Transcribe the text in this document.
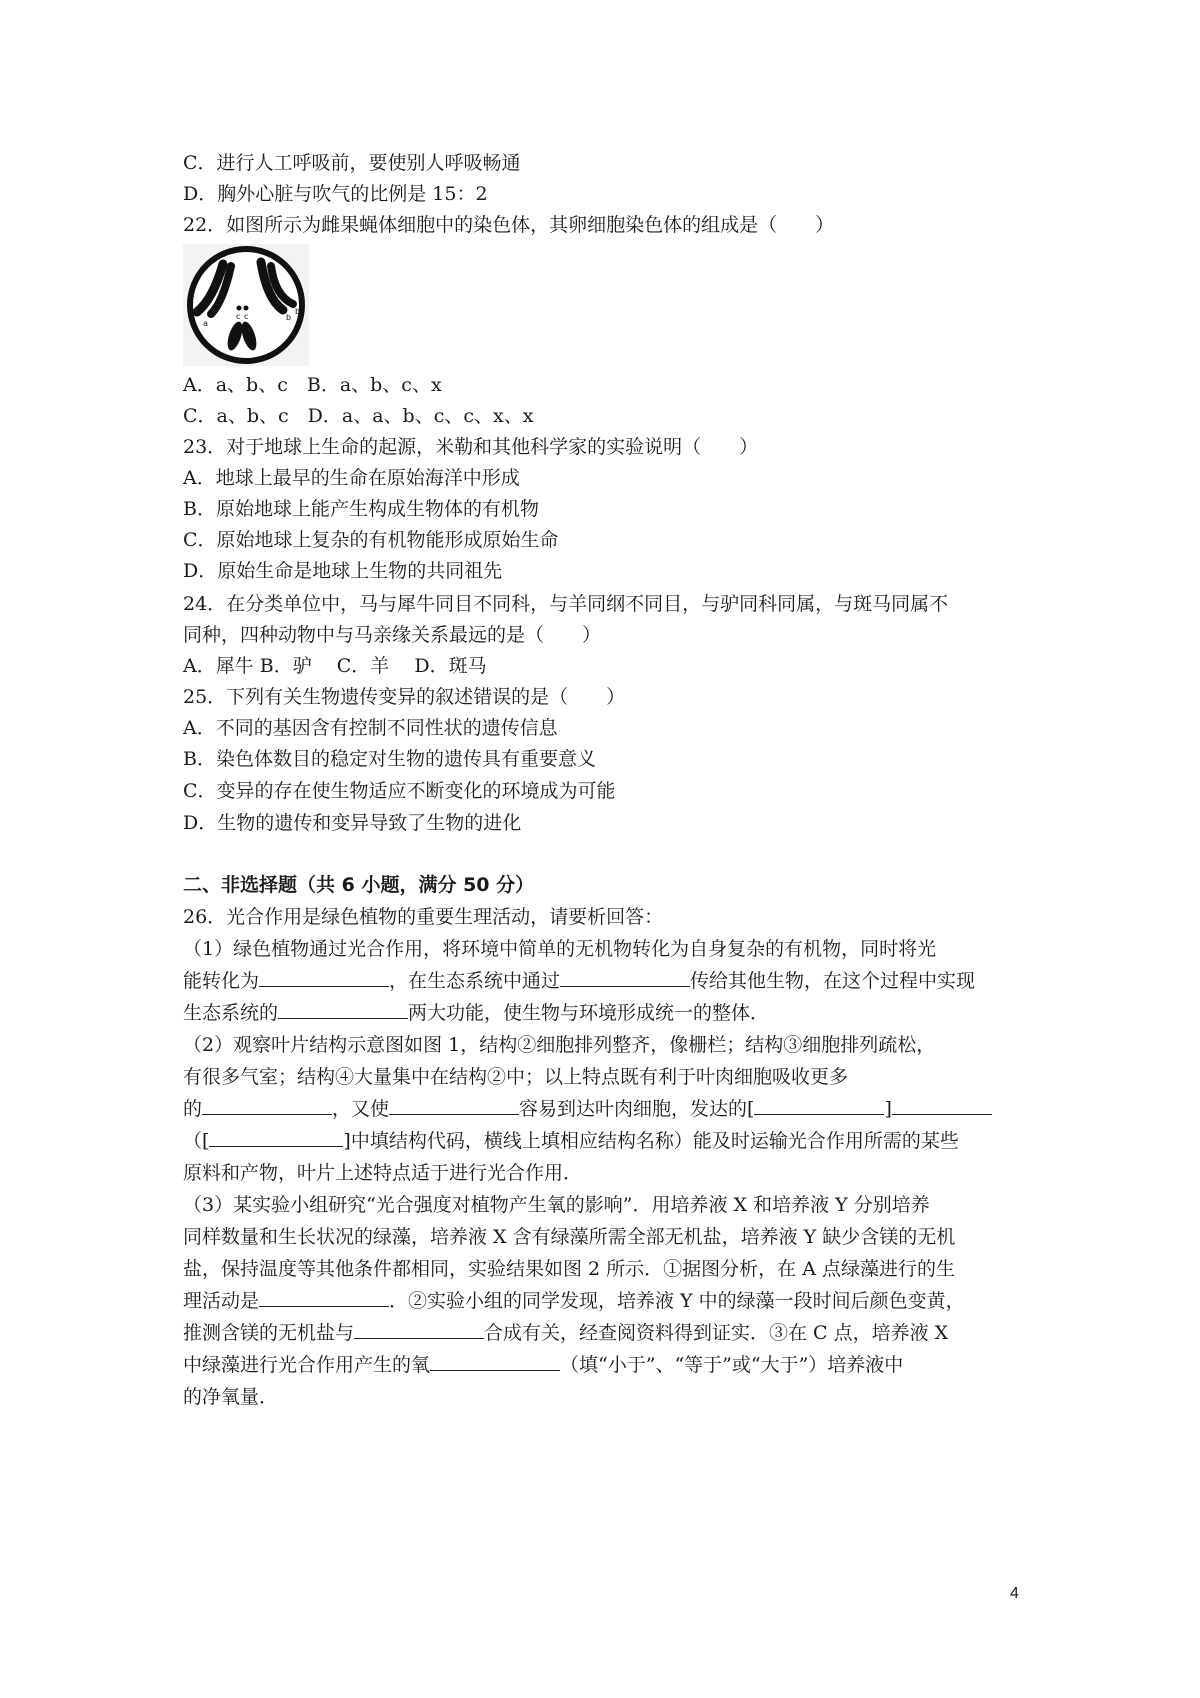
C．进行人工呼吸前，要使别人呼吸畅通
D．胸外心脏与吹气的比例是 15：2
22．如图所示为雌果蝇体细胞中的染色体，其卵细胞染色体的组成是（　　）
a
a
c c	b
b
A．a、b、c　B．a、b、c、x
C．a、b、c　D．a、a、b、c、c、x、x
23．对于地球上生命的起源，米勒和其他科学家的实验说明（　　）
A．地球上最早的生命在原始海洋中形成
B．原始地球上能产生构成生物体的有机物
C．原始地球上复杂的有机物能形成原始生命
D．原始生命是地球上生物的共同祖先
24．在分类单位中，马与犀牛同目不同科，与羊同纲不同目，与驴同科同属，与斑马同属不
同种，四种动物中与马亲缘关系最远的是（　　）
A．犀牛 B．驴　 C．羊　 D．斑马
25．下列有关生物遗传变异的叙述错误的是（　　）
A．不同的基因含有控制不同性状的遗传信息
B．染色体数目的稳定对生物的遗传具有重要意义
C．变异的存在使生物适应不断变化的环境成为可能
D．生物的遗传和变异导致了生物的进化
二、非选择题（共 6 小题，满分 50 分）
26．光合作用是绿色植物的重要生理活动，请要析回答：
（1）绿色植物通过光合作用，将环境中简单的无机物转化为自身复杂的有机物，同时将光
能转化为	，在生态系统中通过	传给其他生物，在这个过程中实现
生态系统的	两大功能，使生物与环境形成统一的整体．
（2）观察叶片结构示意图如图 1，结构②细胞排列整齐，像栅栏；结构③细胞排列疏松，
有很多气室；结构④大量集中在结构②中；以上特点既有利于叶肉细胞吸收更多
的	，又使	容易到达叶肉细胞，发达的[	]
（[	]中填结构代码，横线上填相应结构名称）能及时运输光合作用所需的某些
原料和产物，叶片上述特点适于进行光合作用．
（3）某实验小组研究“光合强度对植物产生氧的影响”．用培养液 X 和培养液 Y 分别培养
同样数量和生长状况的绿藻，培养液 X 含有绿藻所需全部无机盐，培养液 Y 缺少含镁的无机
盐，保持温度等其他条件都相同，实验结果如图 2 所示．①据图分析，在 A 点绿藻进行的生
理活动是	．②实验小组的同学发现，培养液 Y 中的绿藻一段时间后颜色变黄，
推测含镁的无机盐与	合成有关，经查阅资料得到证实．③在 C 点，培养液 X
中绿藻进行光合作用产生的氧	（填“小于”、“等于”或“大于”）培养液中
的净氧量．
4
